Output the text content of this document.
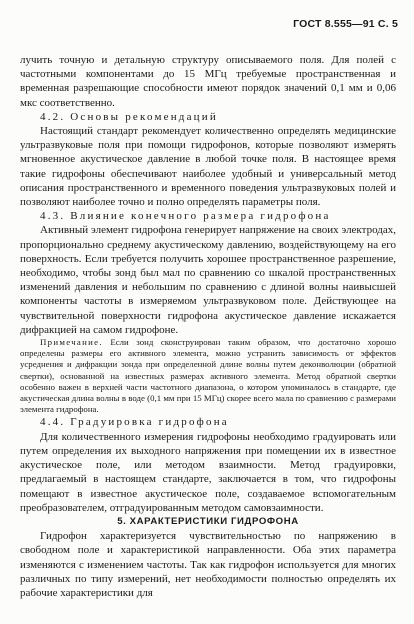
ГОСТ 8.555—91 С. 5

лучить точную и детальную структуру описываемого поля. Для полей с частотными компонентами до 15 МГц требуемые пространственная и временная разрешающие способности имеют порядок значений 0,1 мм и 0,06 мкс соответственно.

4.2. Основы рекомендаций

Настоящий стандарт рекомендует количественно определять медицинские ультразвуковые поля при помощи гидрофонов, которые позволяют измерять мгновенное акустическое давление в любой точке поля. В настоящее время такие гидрофоны обеспечивают наиболее удобный и универсальный метод описания пространственного и временного поведения ультразвуковых полей и позволяют наиболее точно и полно определять параметры поля.

4.3. Влияние конечного размера гидрофона

Активный элемент гидрофона генерирует напряжение на своих электродах, пропорционально среднему акустическому давлению, воздействующему на его поверхность. Если требуется получить хорошее пространственное разрешение, необходимо, чтобы зонд был мал по сравнению со шкалой пространственных изменений давления и небольшим по сравнению с длиной волны наивысшей компоненты частоты в измеряемом ультразвуковом поле. Действующее на чувствительной поверхности гидрофона акустическое давление искажается дифракцией на самом гидрофоне.

Примечание. Если зонд сконструирован таким образом, что достаточно хорошо определены размеры его активного элемента, можно устранить зависимость от эффектов усреднения и дифракции зонда при определенной длине волны путем деконволюции (обратной свертки), основанной на известных размерах активного элемента. Метод обратной свертки особенно важен в верхней части частотного диапазона, о котором упоминалось в стандарте, где акустическая длина волны в воде (0,1 мм при 15 МГц) скорее всего мала по сравнению с размерами элемента гидрофона.

4.4. Градуировка гидрофона

Для количественного измерения гидрофоны необходимо градуировать или путем определения их выходного напряжения при помещении их в известное акустическое поле, или методом взаимности. Метод градуировки, предлагаемый в настоящем стандарте, заключается в том, что гидрофоны помещают в известное акустическое поле, создаваемое вспомогательным преобразователем, отградуированным методом самовзаимности.

5. ХАРАКТЕРИСТИКИ ГИДРОФОНА

Гидрофон характеризуется чувствительностью по напряжению в свободном поле и характеристикой направленности. Оба этих параметра изменяются с изменением частоты. Так как гидрофон используется для многих различных по типу измерений, нет необходимости полностью определять их рабочие характеристики для
